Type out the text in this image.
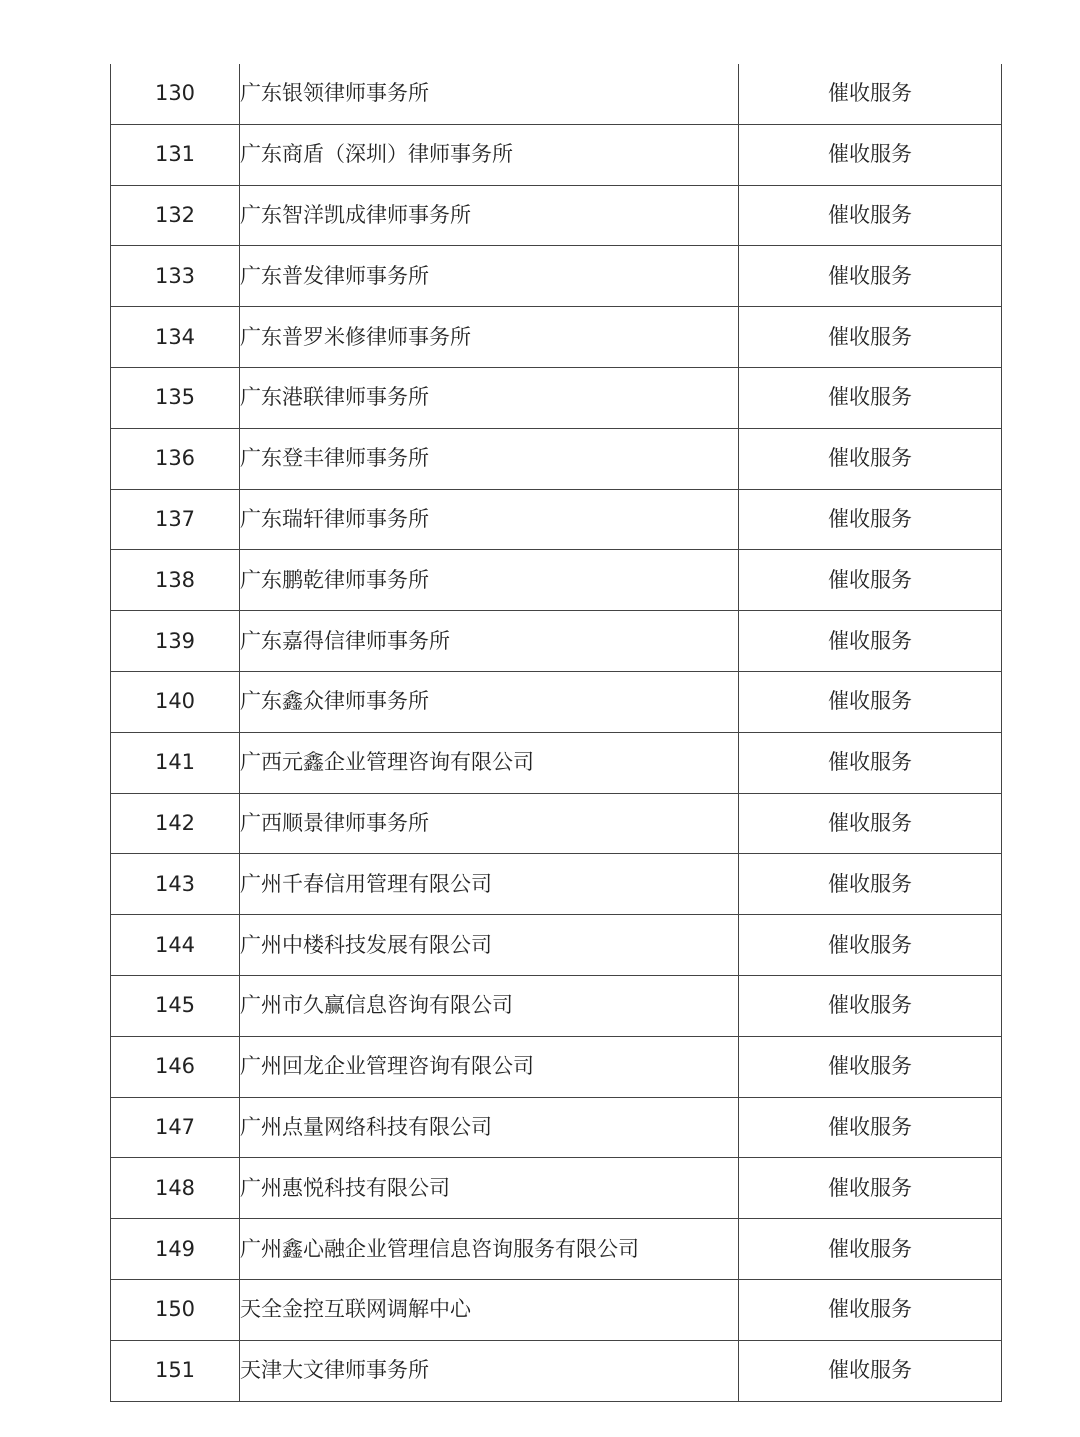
130	广东银领律师事务所	催收服务
131	广东商盾（深圳）律师事务所	催收服务
132	广东智洋凯成律师事务所	催收服务
133	广东普发律师事务所	催收服务
134	广东普罗米修律师事务所	催收服务
135	广东港联律师事务所	催收服务
136	广东登丰律师事务所	催收服务
137	广东瑞轩律师事务所	催收服务
138	广东鹏乾律师事务所	催收服务
139	广东嘉得信律师事务所	催收服务
140	广东鑫众律师事务所	催收服务
141	广西元鑫企业管理咨询有限公司	催收服务
142	广西顺景律师事务所	催收服务
143	广州千春信用管理有限公司	催收服务
144	广州中楼科技发展有限公司	催收服务
145	广州市久赢信息咨询有限公司	催收服务
146	广州回龙企业管理咨询有限公司	催收服务
147	广州点量网络科技有限公司	催收服务
148	广州惠悦科技有限公司	催收服务
149	广州鑫心融企业管理信息咨询服务有限公司	催收服务
150	天全金控互联网调解中心	催收服务
151	天津大文律师事务所	催收服务
